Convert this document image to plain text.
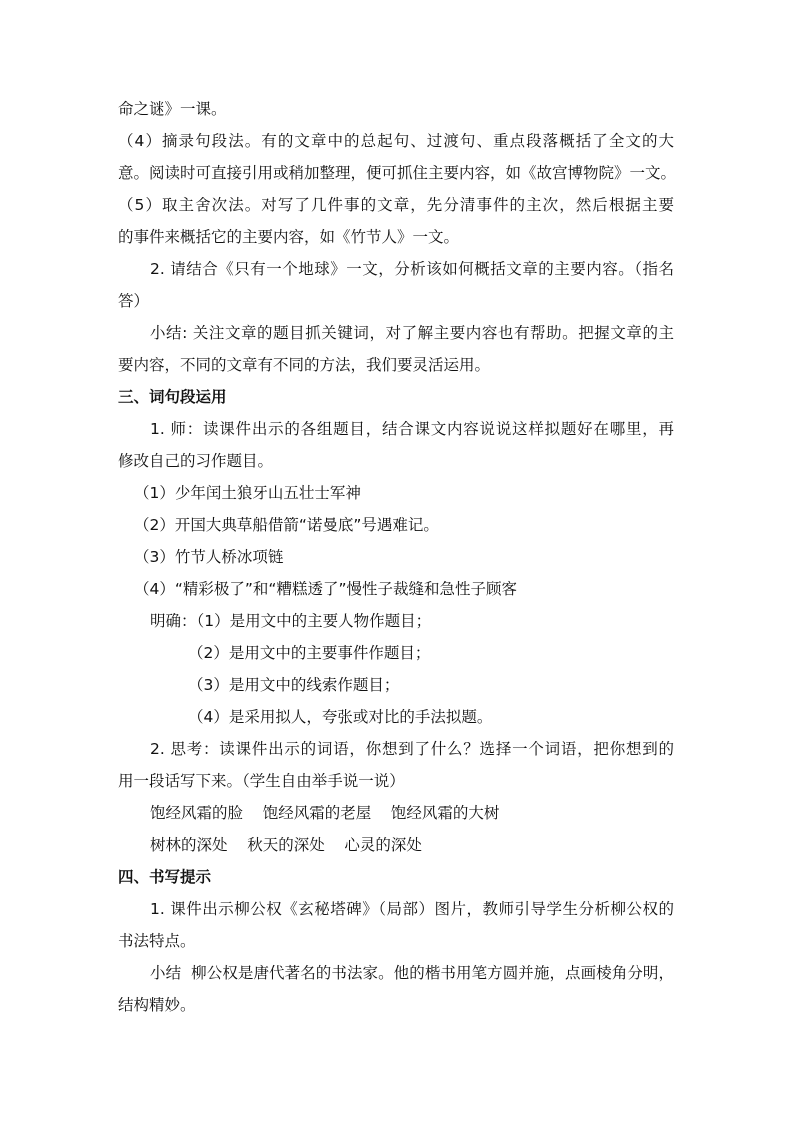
命之谜》一课。
（4）摘录句段法。有的文章中的总起句、过渡句、重点段落概括了全文的大
意。阅读时可直接引用或稍加整理，便可抓住主要内容，如《故宫博物院》一文。
（5）取主舍次法。对写了几件事的文章，先分清事件的主次，然后根据主要
的事件来概括它的主要内容，如《竹节人》一文。
2. 请结合《只有一个地球》一文，分析该如何概括文章的主要内容。（指名
答）
小结: 关注文章的题目抓关键词，对了解主要内容也有帮助。把握文章的主
要内容，不同的文章有不同的方法，我们要灵活运用。
三、词句段运用
1. 师：读课件出示的各组题目，结合课文内容说说这样拟题好在哪里，再
修改自己的习作题目。
（1）少年闰土狼牙山五壮士军神
（2）开国大典草船借箭“诺曼底”号遇难记。
（3）竹节人桥冰项链
（4）“精彩极了”和“糟糕透了”慢性子裁缝和急性子顾客
明确：（1）是用文中的主要人物作题目；
（2）是用文中的主要事件作题目；
（3）是用文中的线索作题目；
（4）是采用拟人，夸张或对比的手法拟题。
2. 思考：读课件出示的词语，你想到了什么？选择一个词语，把你想到的
用一段话写下来。（学生自由举手说一说）
饱经风霜的脸    饱经风霜的老屋    饱经风霜的大树
树林的深处    秋天的深处    心灵的深处
四、书写提示
1. 课件出示柳公权《玄秘塔碑》（局部）图片，教师引导学生分析柳公权的
书法特点。
小结  柳公权是唐代著名的书法家。他的楷书用笔方圆并施，点画棱角分明，
结构精妙。
